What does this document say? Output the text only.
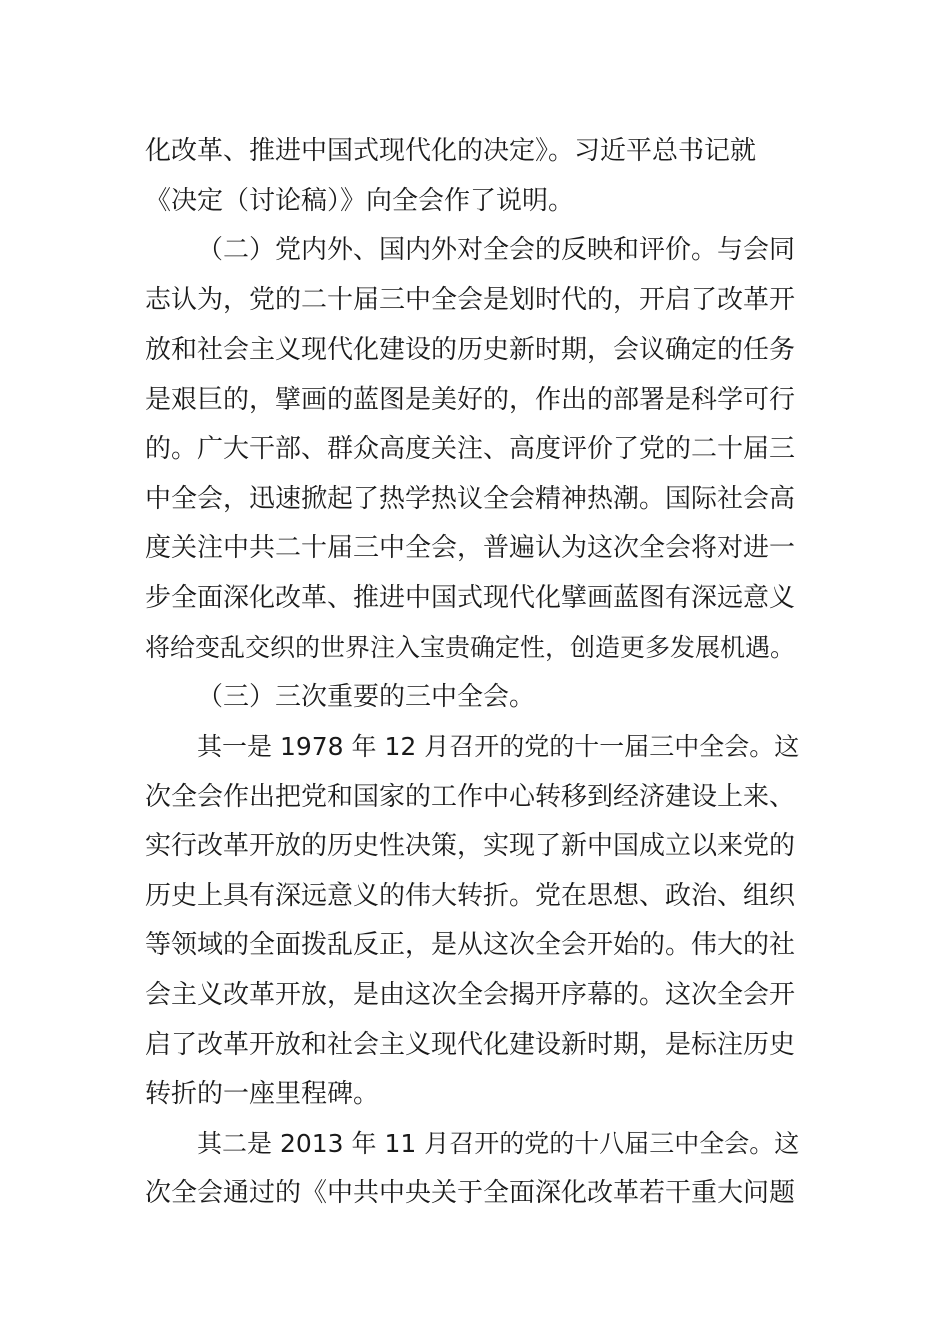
化改革、推进中国式现代化的决定》。习近平总书记就
《决定（讨论稿）》向全会作了说明。
（二）党内外、国内外对全会的反映和评价。与会同
志认为，党的二十届三中全会是划时代的，开启了改革开
放和社会主义现代化建设的历史新时期，会议确定的任务
是艰巨的，擘画的蓝图是美好的，作出的部署是科学可行
的。广大干部、群众高度关注、高度评价了党的二十届三
中全会，迅速掀起了热学热议全会精神热潮。国际社会高
度关注中共二十届三中全会，普遍认为这次全会将对进一
步全面深化改革、推进中国式现代化擘画蓝图有深远意义
将给变乱交织的世界注入宝贵确定性，创造更多发展机遇。
（三）三次重要的三中全会。
其一是 1978 年 12 月召开的党的十一届三中全会。这
次全会作出把党和国家的工作中心转移到经济建设上来、
实行改革开放的历史性决策，实现了新中国成立以来党的
历史上具有深远意义的伟大转折。党在思想、政治、组织
等领域的全面拨乱反正，是从这次全会开始的。伟大的社
会主义改革开放，是由这次全会揭开序幕的。这次全会开
启了改革开放和社会主义现代化建设新时期，是标注历史
转折的一座里程碑。
其二是 2013 年 11 月召开的党的十八届三中全会。这
次全会通过的《中共中央关于全面深化改革若干重大问题
